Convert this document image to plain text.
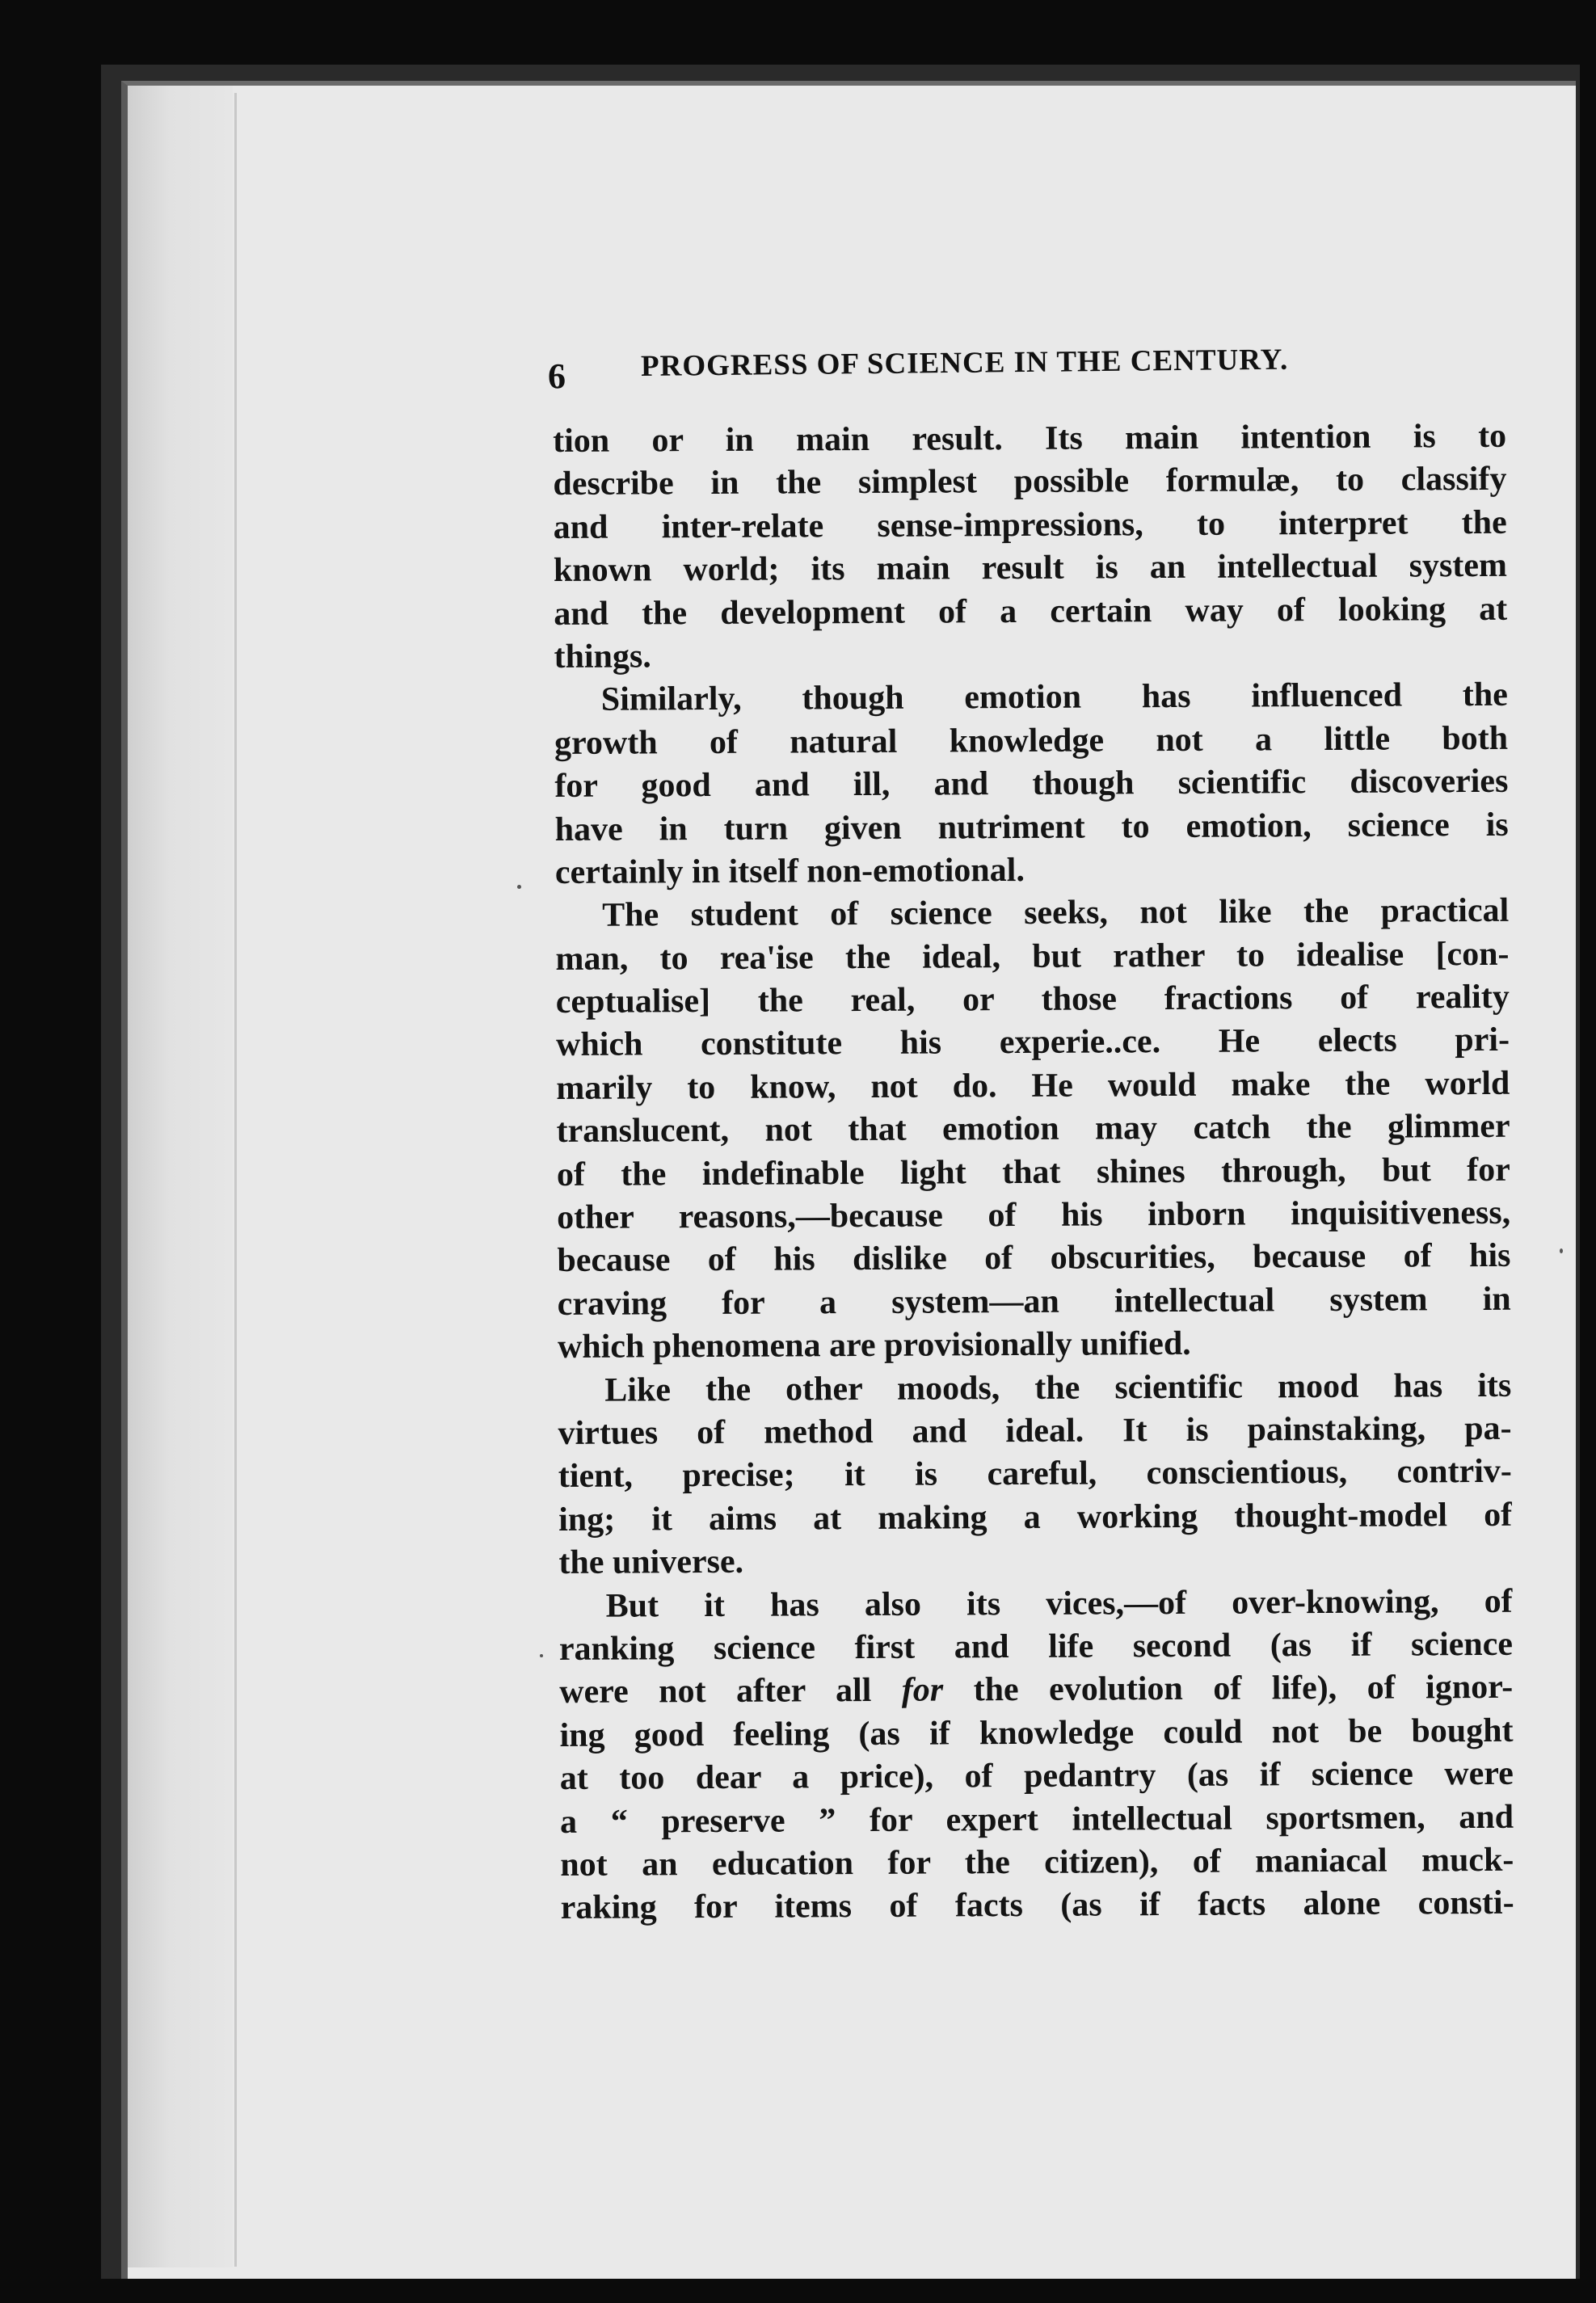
6	PROGRESS OF SCIENCE IN THE CENTURY.
tion or in main result. Its main intention is to
describe in the simplest possible formulæ, to classify
and inter-relate sense-impressions, to interpret the
known world; its main result is an intellectual system
and the development of a certain way of looking at
things.
Similarly, though emotion has influenced the
growth of natural knowledge not a little both
for good and ill, and though scientific discoveries
have in turn given nutriment to emotion, science is
certainly in itself non-emotional.
The student of science seeks, not like the practical
man, to rea'ise the ideal, but rather to idealise [con-
ceptualise] the real, or those fractions of reality
which constitute his experie..ce. He elects pri-
marily to know, not do. He would make the world
translucent, not that emotion may catch the glimmer
of the indefinable light that shines through, but for
other reasons,—because of his inborn inquisitiveness,
because of his dislike of obscurities, because of his
craving for a system—an intellectual system in
which phenomena are provisionally unified.
Like the other moods, the scientific mood has its
virtues of method and ideal. It is painstaking, pa-
tient, precise; it is careful, conscientious, contriv-
ing; it aims at making a working thought-model of
the universe.
But it has also its vices,—of over-knowing, of
ranking science first and life second (as if science
were not after all for the evolution of life), of ignor-
ing good feeling (as if knowledge could not be bought
at too dear a price), of pedantry (as if science were
a “ preserve ” for expert intellectual sportsmen, and
not an education for the citizen), of maniacal muck-
raking for items of facts (as if facts alone consti-
